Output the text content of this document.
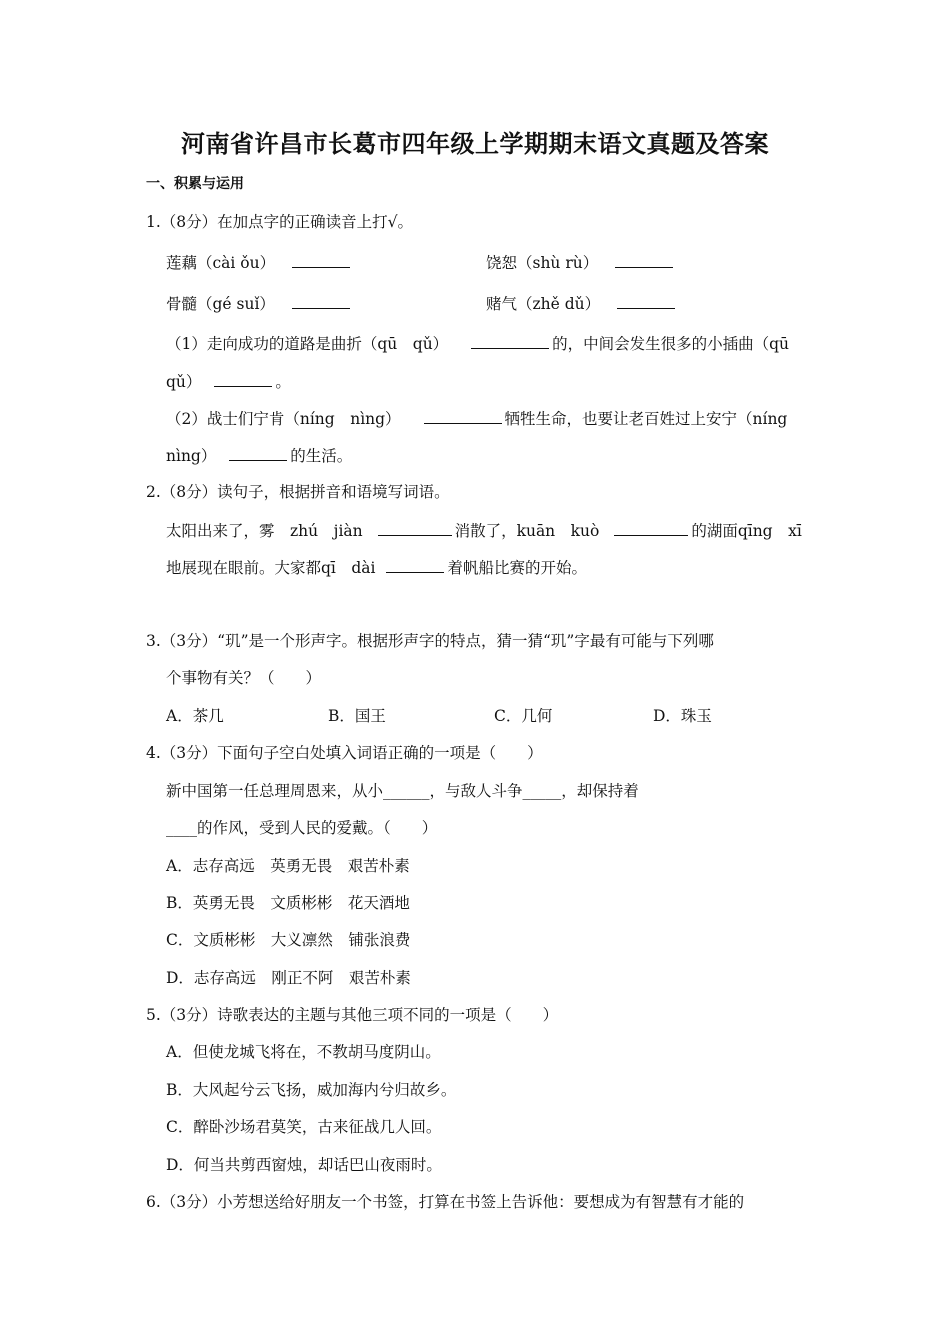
河南省许昌市长葛市四年级上学期期末语文真题及答案
一、积累与运用
1.（8分）在加点字的正确读音上打√。
莲藕（cài ǒu）	饶恕（shù rù）
骨髓（gé suǐ）	赌气（zhě dǔ）
（1）走向成功的道路是曲折（qū　qǔ）	的，中间会发生很多的小插曲（qū
qǔ）	。
（2）战士们宁肯（níng　nìng）	牺牲生命，也要让老百姓过上安宁（níng
nìng）	的生活。
2.（8分）读句子，根据拼音和语境写词语。
太阳出来了，雾　zhú　jiàn	消散了，kuān　kuò	的湖面qīng　xī
地展现在眼前。大家都qī　dài	着帆船比赛的开始。
3.（3分）“玑”是一个形声字。根据形声字的特点，猜一猜“玑”字最有可能与下列哪
个事物有关？（　　）
A．茶几	B．国王	C．几何	D．珠玉
4.（3分）下面句子空白处填入词语正确的一项是（　　）
新中国第一任总理周恩来，从小______，与敌人斗争_____，却保持着
____的作风，受到人民的爱戴。（　　）
A．志存高远　英勇无畏　艰苦朴素
B．英勇无畏　文质彬彬　花天酒地
C．文质彬彬　大义凛然　铺张浪费
D．志存高远　刚正不阿　艰苦朴素
5.（3分）诗歌表达的主题与其他三项不同的一项是（　　）
A．但使龙城飞将在，不教胡马度阴山。
B．大风起兮云飞扬，威加海内兮归故乡。
C．醉卧沙场君莫笑，古来征战几人回。
D．何当共剪西窗烛，却话巴山夜雨时。
6.（3分）小芳想送给好朋友一个书签，打算在书签上告诉他：要想成为有智慧有才能的
